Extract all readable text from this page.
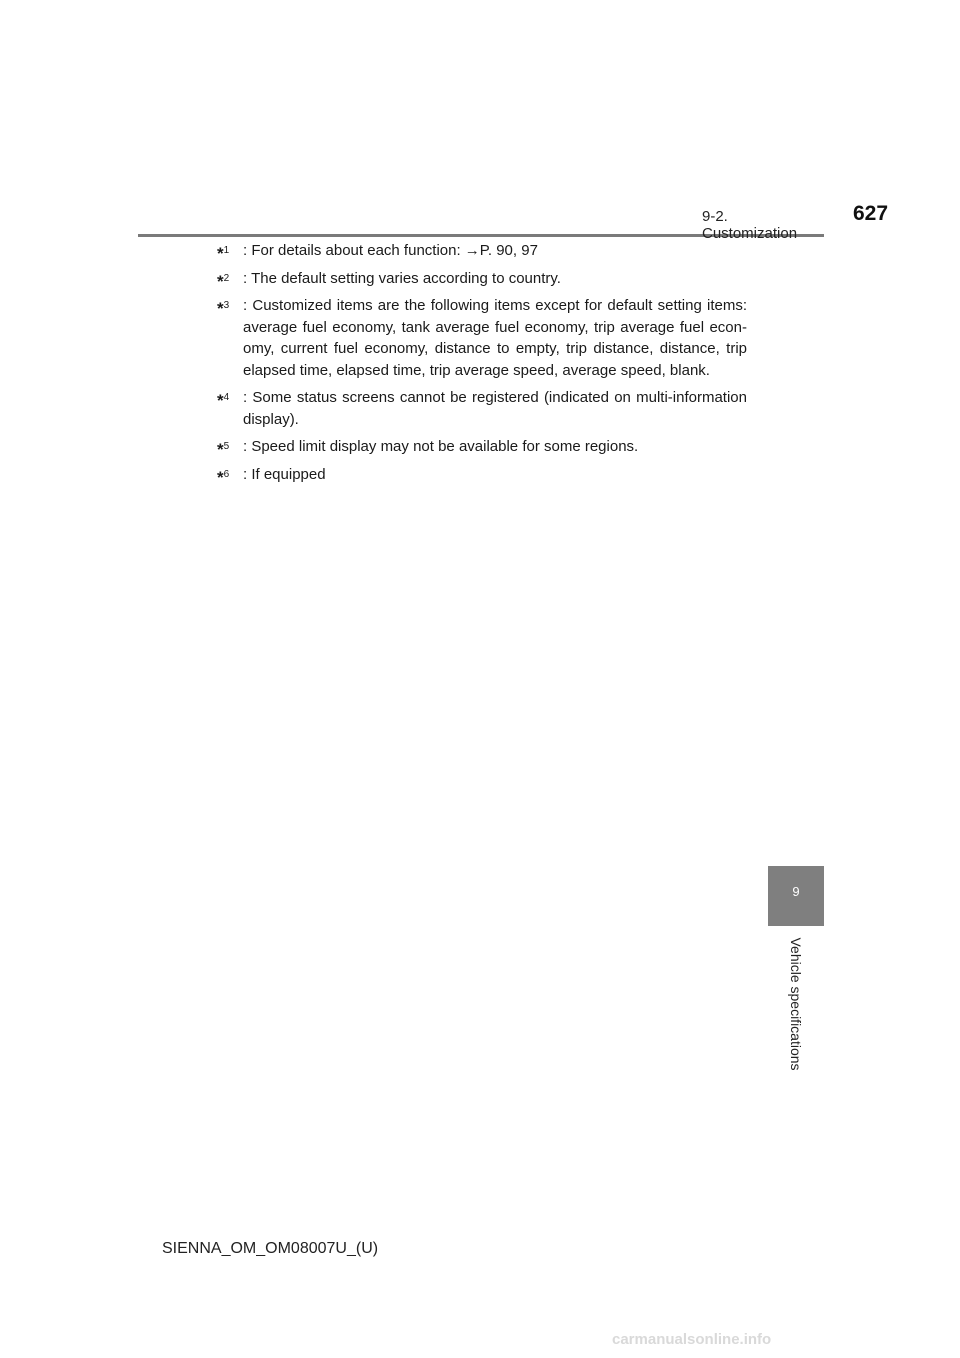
9-2. Customization
627
*$^1$ : For details about each function: →P. 90, 97
*$^2$ : The default setting varies according to country.
*$^3$ : Customized items are the following items except for default setting items: average fuel economy, tank average fuel economy, trip average fuel econ-omy, current fuel economy, distance to empty, trip distance, distance, trip elapsed time, elapsed time, trip average speed, average speed, blank.
*$^4$ : Some status screens cannot be registered (indicated on multi-information display).
*$^5$ : Speed limit display may not be available for some regions.
*$^6$ : If equipped
9
Vehicle specifications
SIENNA_OM_OM08007U_(U)
carmanualsonline.info
